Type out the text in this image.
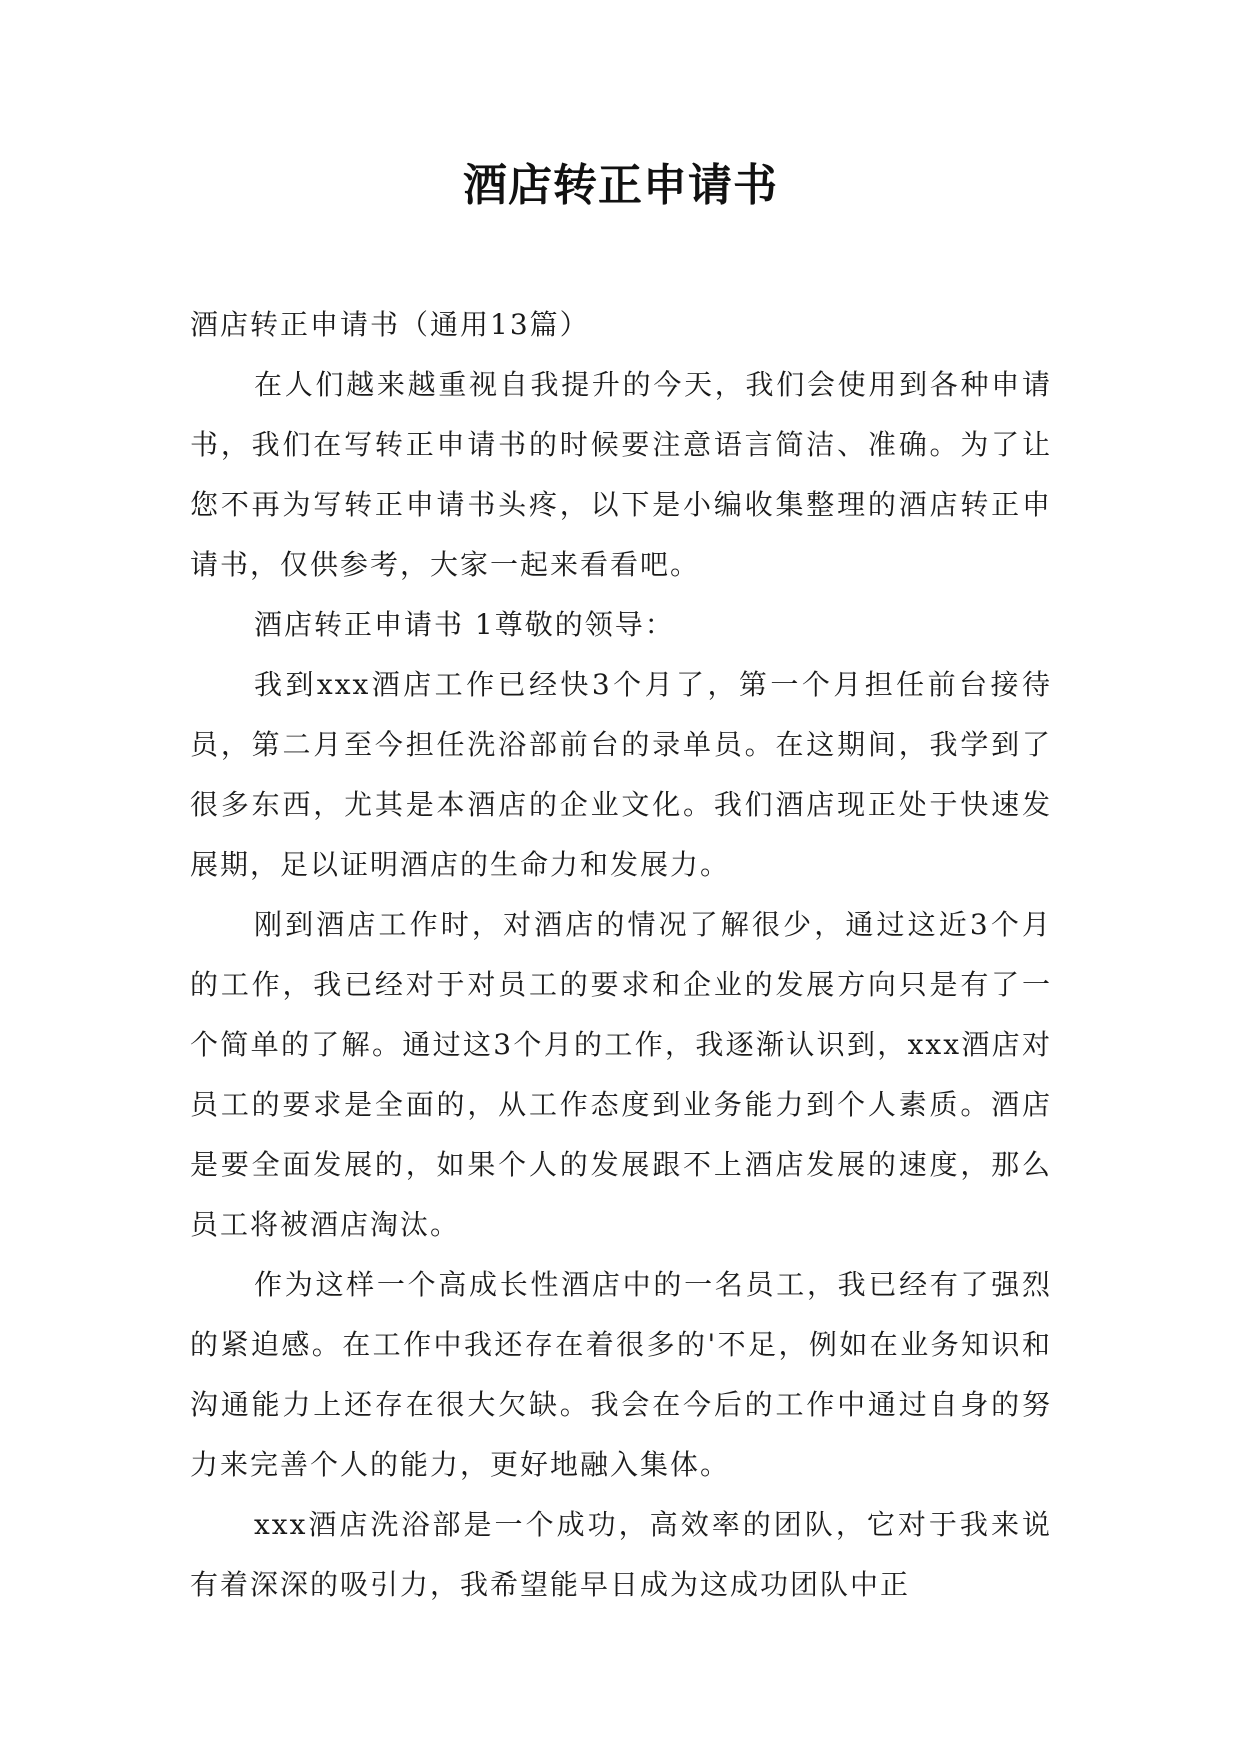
酒店转正申请书

酒店转正申请书（通用13篇）

在人们越来越重视自我提升的今天，我们会使用到各种申请书，我们在写转正申请书的时候要注意语言简洁、准确。为了让您不再为写转正申请书头疼，以下是小编收集整理的酒店转正申请书，仅供参考，大家一起来看看吧。

酒店转正申请书 1尊敬的领导：

我到xxx酒店工作已经快3个月了，第一个月担任前台接待员，第二月至今担任洗浴部前台的录单员。在这期间，我学到了很多东西，尤其是本酒店的企业文化。我们酒店现正处于快速发展期，足以证明酒店的生命力和发展力。

刚到酒店工作时，对酒店的情况了解很少，通过这近3个月的工作，我已经对于对员工的要求和企业的发展方向只是有了一个简单的了解。通过这3个月的工作，我逐渐认识到，xxx酒店对员工的要求是全面的，从工作态度到业务能力到个人素质。酒店是要全面发展的，如果个人的发展跟不上酒店发展的速度，那么员工将被酒店淘汰。

作为这样一个高成长性酒店中的一名员工，我已经有了强烈的紧迫感。在工作中我还存在着很多的'不足，例如在业务知识和沟通能力上还存在很大欠缺。我会在今后的工作中通过自身的努力来完善个人的能力，更好地融入集体。

xxx酒店洗浴部是一个成功，高效率的团队，它对于我来说有着深深的吸引力，我希望能早日成为这成功团队中正
